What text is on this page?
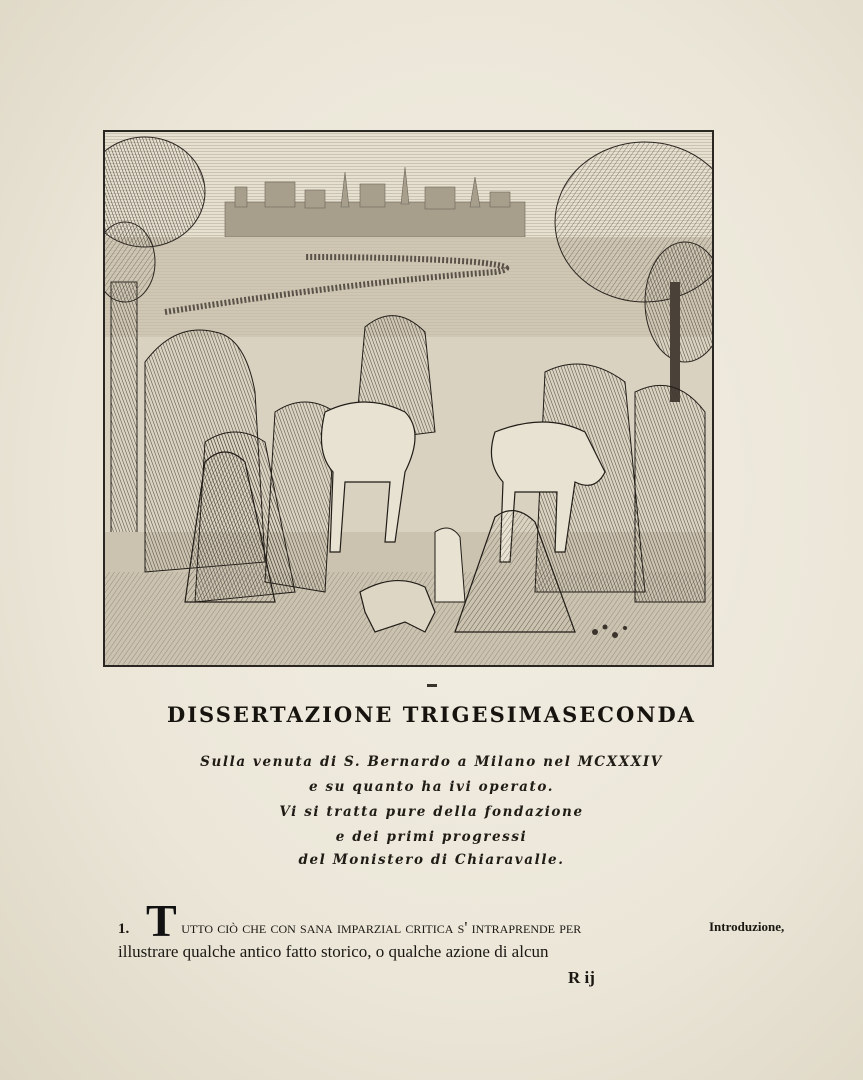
DISSERTAZIONE TRIGESIMASECONDA
Sulla venuta di S. Bernardo a Milano nel MCXXXIV
e su quanto ha ivi operato.
Vi si tratta pure della fondazione
e dei primi progressi
del Monistero di Chiaravalle.
T
1.	utto ciò che con sana imparzial critica s' intraprende per
illustrare qualche antico fatto storico, o qualche azione di alcun
Introduzione,
R ij
